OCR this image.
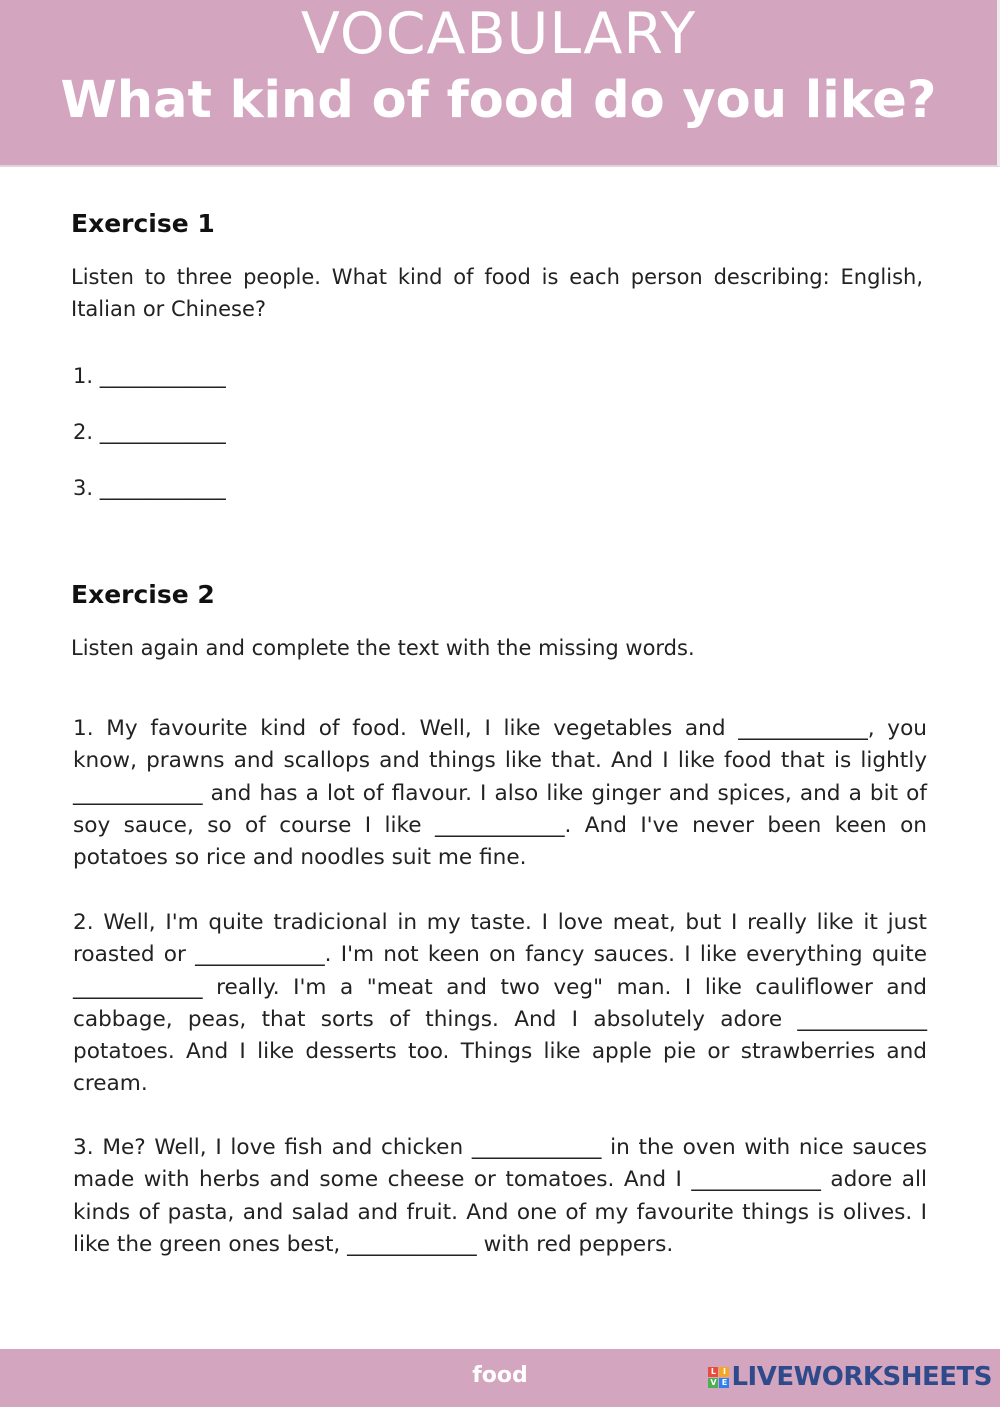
VOCABULARY
What kind of food do you like?
Exercise 1
Listen to three people. What kind of food is each person describing: English, Italian or Chinese?
1. ____________
2. ____________
3. ____________
Exercise 2
Listen again and complete the text with the missing words.
1. My favourite kind of food. Well, I like vegetables and ____________, you know, prawns and scallops and things like that. And I like food that is lightly ____________ and has a lot of flavour. I also like ginger and spices, and a bit of soy sauce, so of course I like ____________. And I've never been keen on potatoes so rice and noodles suit me fine.
2. Well, I'm quite tradicional in my taste. I love meat, but I really like it just roasted or ____________. I'm not keen on fancy sauces. I like everything quite ____________ really. I'm a "meat and two veg" man. I like cauliflower and cabbage, peas, that sorts of things. And I absolutely adore ____________ potatoes. And I like desserts too. Things like apple pie or strawberries and cream.
3. Me? Well, I love fish and chicken ____________ in the oven with nice sauces made with herbs and some cheese or tomatoes. And I ____________ adore all kinds of pasta, and salad and fruit. And one of my favourite things is olives. I like the green ones best, ____________ with red peppers.
food	L I
V E LIVEWORKSHEETS
